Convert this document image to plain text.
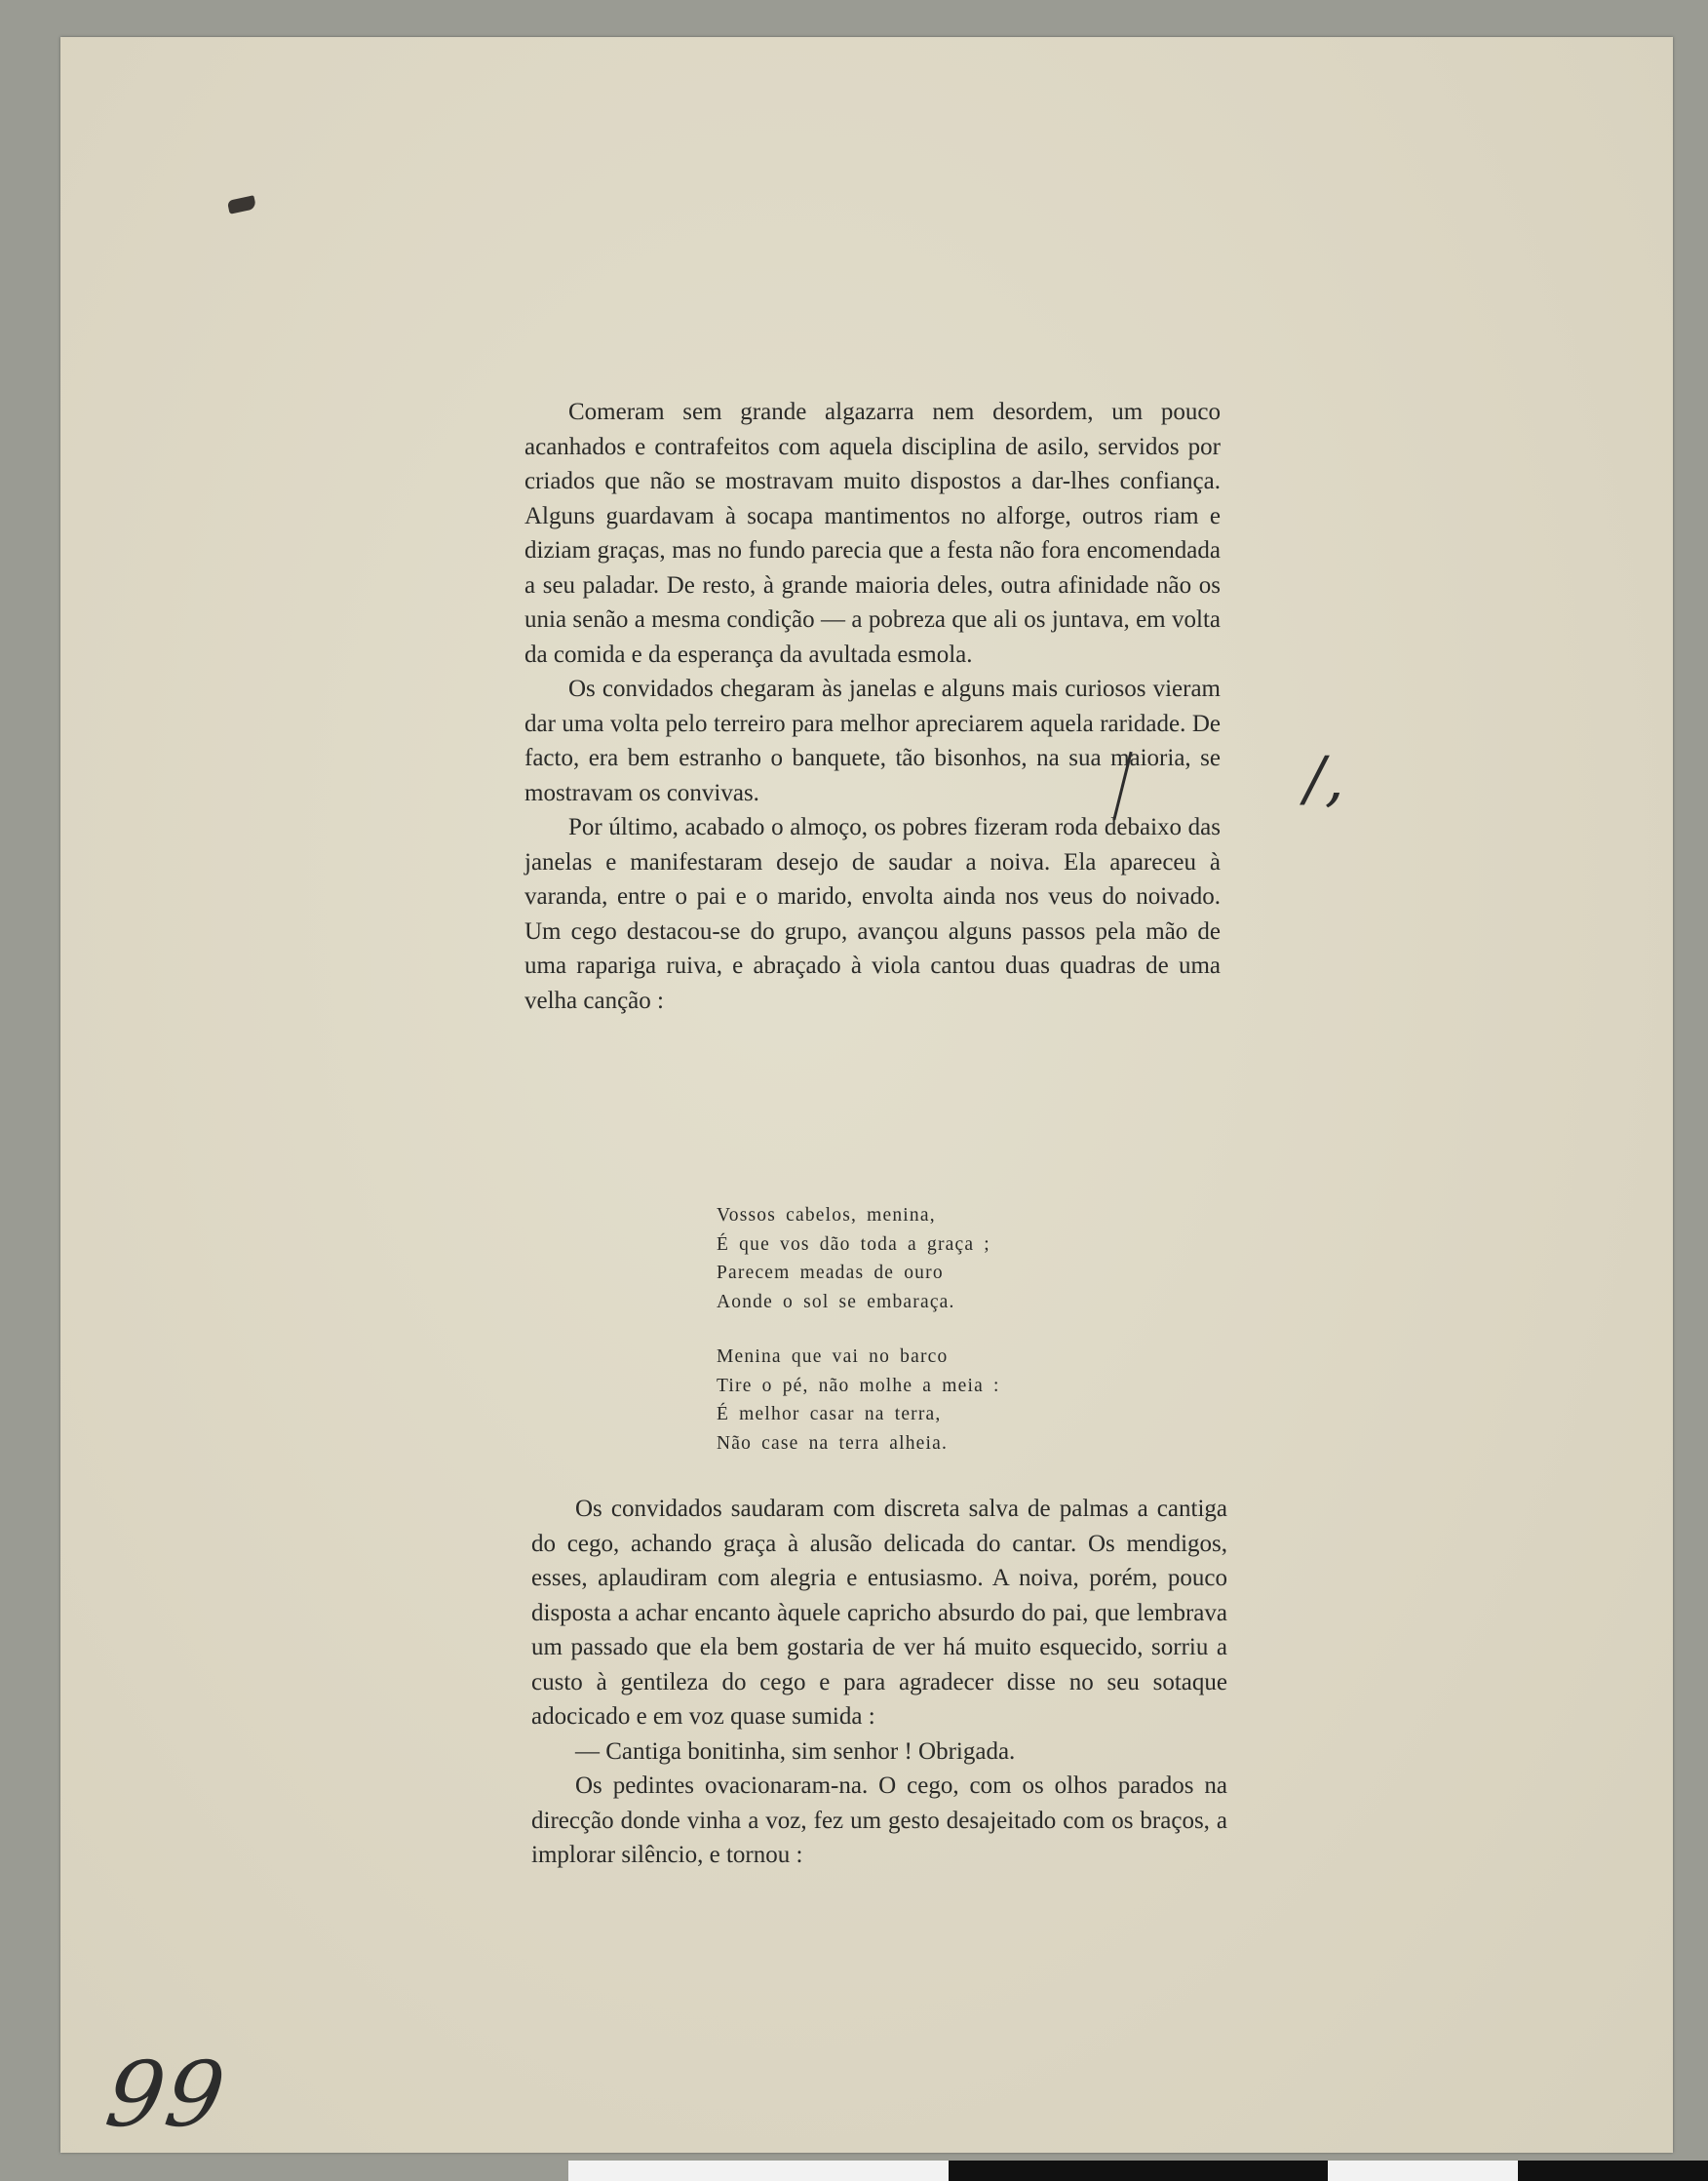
Comeram sem grande algazarra nem desordem, um pouco acanhados e contrafeitos com aquela disciplina de asilo, servidos por criados que não se mostravam muito dispostos a dar-lhes confiança. Alguns guardavam à socapa mantimentos no alforge, outros riam e diziam graças, mas no fundo parecia que a festa não fora encomendada a seu paladar. De resto, à grande maioria deles, outra afinidade não os unia senão a mesma condição — a pobreza que ali os juntava, em volta da comida e da esperança da avultada esmola.

Os convidados chegaram às janelas e alguns mais curiosos vieram dar uma volta pelo terreiro para melhor apreciarem aquela raridade. De facto, era bem estranho o banquete, tão bisonhos, na sua maioria, se mostravam os convivas.

Por último, acabado o almoço, os pobres fizeram roda debaixo das janelas e manifestaram desejo de saudar a noiva. Ela apareceu à varanda, entre o pai e o marido, envolta ainda nos veus do noivado. Um cego destacou-se do grupo, avançou alguns passos pela mão de uma rapariga ruiva, e abraçado à viola cantou duas quadras de uma velha canção :

Vossos cabelos, menina,
É que vos dão toda a graça ;
Parecem meadas de ouro
Aonde o sol se embaraça.
Menina que vai no barco
Tire o pé, não molhe a meia :
É melhor casar na terra,
Não case na terra alheia.

Os convidados saudaram com discreta salva de palmas a cantiga do cego, achando graça à alusão delicada do cantar. Os mendigos, esses, aplaudiram com alegria e entusiasmo. A noiva, porém, pouco disposta a achar encanto àquele capricho absurdo do pai, que lembrava um passado que ela bem gostaria de ver há muito esquecido, sorriu a custo à gentileza do cego e para agradecer disse no seu sotaque adocicado e em voz quase sumida :

— Cantiga bonitinha, sim senhor ! Obrigada.

Os pedintes ovacionaram-na. O cego, com os olhos parados na direcção donde vinha a voz, fez um gesto desajeitado com os braços, a implorar silêncio, e tornou :

/,
99
